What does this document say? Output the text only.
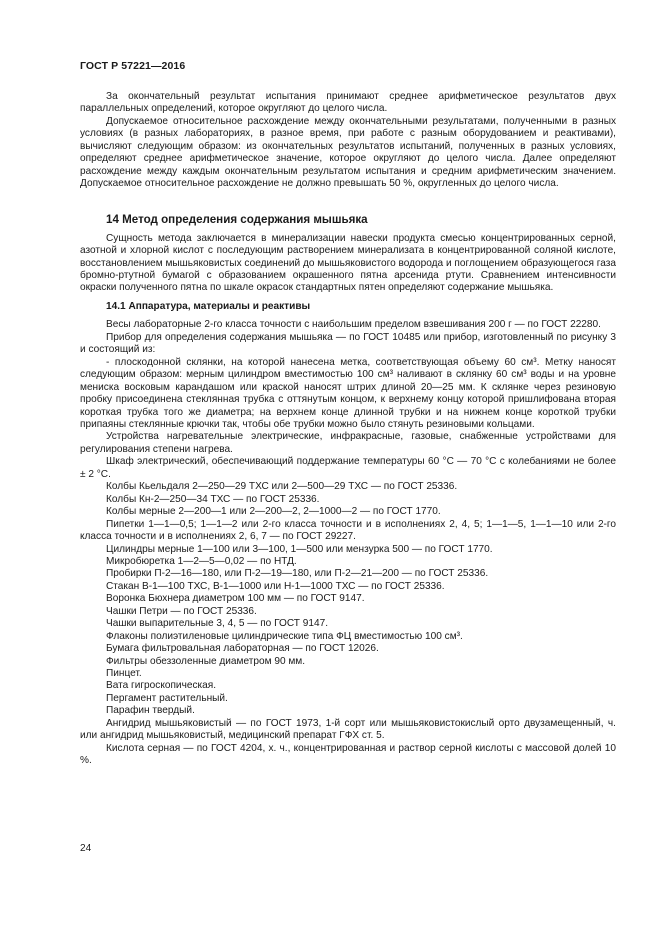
ГОСТ Р 57221—2016

За окончательный результат испытания принимают среднее арифметическое результатов двух параллельных определений, которое округляют до целого числа.

Допускаемое относительное расхождение между окончательными результатами, полученными в разных условиях (в разных лабораториях, в разное время, при работе с разным оборудованием и реактивами), вычисляют следующим образом: из окончательных результатов испытаний, полученных в разных условиях, определяют среднее арифметическое значение, которое округляют до целого числа. Далее определяют расхождение между каждым окончательным результатом испытания и средним арифметическим значением. Допускаемое относительное расхождение не должно превышать 50 %, округленных до целого числа.

14 Метод определения содержания мышьяка

Сущность метода заключается в минерализации навески продукта смесью концентрированных серной, азотной и хлорной кислот с последующим растворением минерализата в концентрированной соляной кислоте, восстановлением мышьяковистых соединений до мышьяковистого водорода и поглощением образующегося газа бромно-ртутной бумагой с образованием окрашенного пятна арсенида ртути. Сравнением интенсивности окраски полученного пятна по шкале окрасок стандартных пятен определяют содержание мышьяка.

14.1 Аппаратура, материалы и реактивы

Весы лабораторные 2-го класса точности с наибольшим пределом взвешивания 200 г — по ГОСТ 22280.

Прибор для определения содержания мышьяка — по ГОСТ 10485 или прибор, изготовленный по рисунку 3 и состоящий из:

- плоскодонной склянки, на которой нанесена метка, соответствующая объему 60 см³. Метку наносят следующим образом: мерным цилиндром вместимостью 100 см³ наливают в склянку 60 см³ воды и на уровне мениска восковым карандашом или краской наносят штрих длиной 20—25 мм. К склянке через резиновую пробку присоединена стеклянная трубка с оттянутым концом, к верхнему концу которой пришлифована вторая короткая трубка того же диаметра; на верхнем конце длинной трубки и на нижнем конце короткой трубки припаяны стеклянные крючки так, чтобы обе трубки можно было стянуть резиновыми кольцами.

Устройства нагревательные электрические, инфракрасные, газовые, снабженные устройствами для регулирования степени нагрева.

Шкаф электрический, обеспечивающий поддержание температуры 60 °С — 70 °С с колебаниями не более ± 2 °С.

Колбы Кьельдаля 2—250—29 ТХС или 2—500—29 ТХС — по ГОСТ 25336.

Колбы Кн-2—250—34 ТХС — по ГОСТ 25336.

Колбы мерные 2—200—1 или 2—200—2, 2—1000—2 — по ГОСТ 1770.

Пипетки 1—1—0,5; 1—1—2 или 2-го класса точности и в исполнениях 2, 4, 5; 1—1—5, 1—1—10 или 2-го класса точности и в исполнениях 2, 6, 7 — по ГОСТ 29227.

Цилиндры мерные 1—100 или 3—100, 1—500 или мензурка 500 — по ГОСТ 1770.

Микробюретка 1—2—5—0,02 — по НТД.

Пробирки П-2—16—180, или П-2—19—180, или П-2—21—200 — по ГОСТ 25336.

Стакан В-1—100 ТХС, В-1—1000 или Н-1—1000 ТХС — по ГОСТ 25336.

Воронка Бюхнера диаметром 100 мм — по ГОСТ 9147.

Чашки Петри — по ГОСТ 25336.

Чашки выпарительные 3, 4, 5 — по ГОСТ 9147.

Флаконы полиэтиленовые цилиндрические типа ФЦ вместимостью 100 см³.

Бумага фильтровальная лабораторная — по ГОСТ 12026.

Фильтры обеззоленные диаметром 90 мм.

Пинцет.

Вата гигроскопическая.

Пергамент растительный.

Парафин твердый.

Ангидрид мышьяковистый — по ГОСТ 1973, 1-й сорт или мышьяковистокислый орто двузамещенный, ч. или ангидрид мышьяковистый, медицинский препарат ГФХ ст. 5.

Кислота серная — по ГОСТ 4204, х. ч., концентрированная и раствор серной кислоты с массовой долей 10 %.

24
